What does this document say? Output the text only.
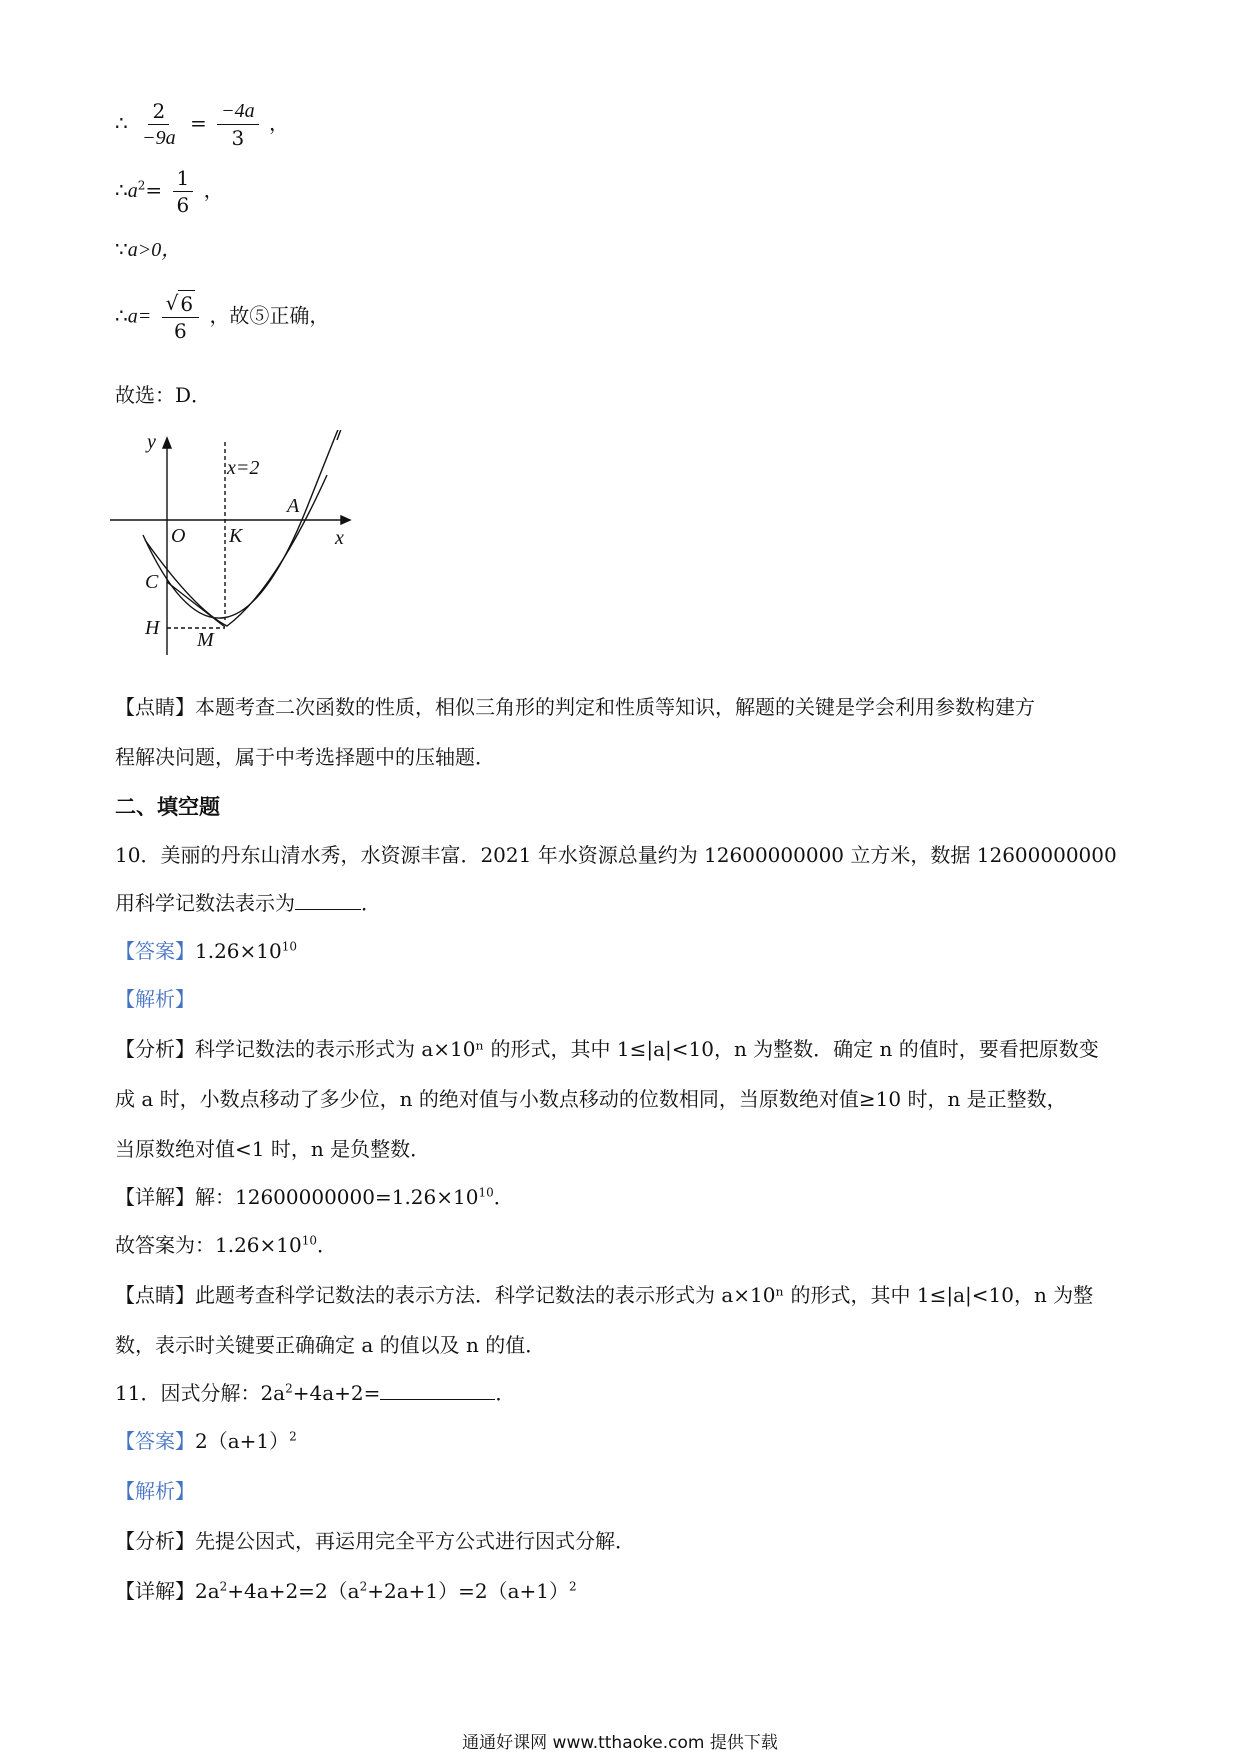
∴ $\frac{2}{-9a} = \frac{-4a}{3}$ ，
$\therefore a^2= \frac{1}{6}$ ，
∵a>0，
∴a= $\frac{√ 6}{6}$ ，故⑤正确，
故选：D．
y
x
O K
A
C
H
M
x=2
【点睛】本题考查二次函数的性质，相似三角形的判定和性质等知识，解题的关键是学会利用参数构建方
程解决问题，属于中考选择题中的压轴题．
二、填空题
10．美丽的丹东山清水秀，水资源丰富．2021 年水资源总量约为 12600000000 立方米，数据 12600000000
用科学记数法表示为	．
【答案】$1.26\times 10^{10}$
【解析】
【分析】科学记数法的表示形式为 a×10ⁿ 的形式，其中 1≤|a|<10，n 为整数．确定 n 的值时，要看把原数变
成 a 时，小数点移动了多少位，n 的绝对值与小数点移动的位数相同，当原数绝对值≥10 时，n 是正整数，
当原数绝对值<1 时，n 是负整数．
【详解】解：$12600000000=1.26\times 10^{10}$．
故答案为：$1.26\times 10^{10}$．
【点睛】此题考查科学记数法的表示方法．科学记数法的表示形式为 a×10ⁿ 的形式，其中 1≤|a|<10，n 为整
数，表示时关键要正确确定 a 的值以及 n 的值．
11．因式分解：$2a^2+4a+2=$	．
【答案】$2(a+1)^2$
【解析】
【分析】先提公因式，再运用完全平方公式进行因式分解．
【详解】$2a^2+4a+2=2(a^2+2a+1)=2(a+1)^2$
通通好课网 www.tthaoke.com 提供下载
